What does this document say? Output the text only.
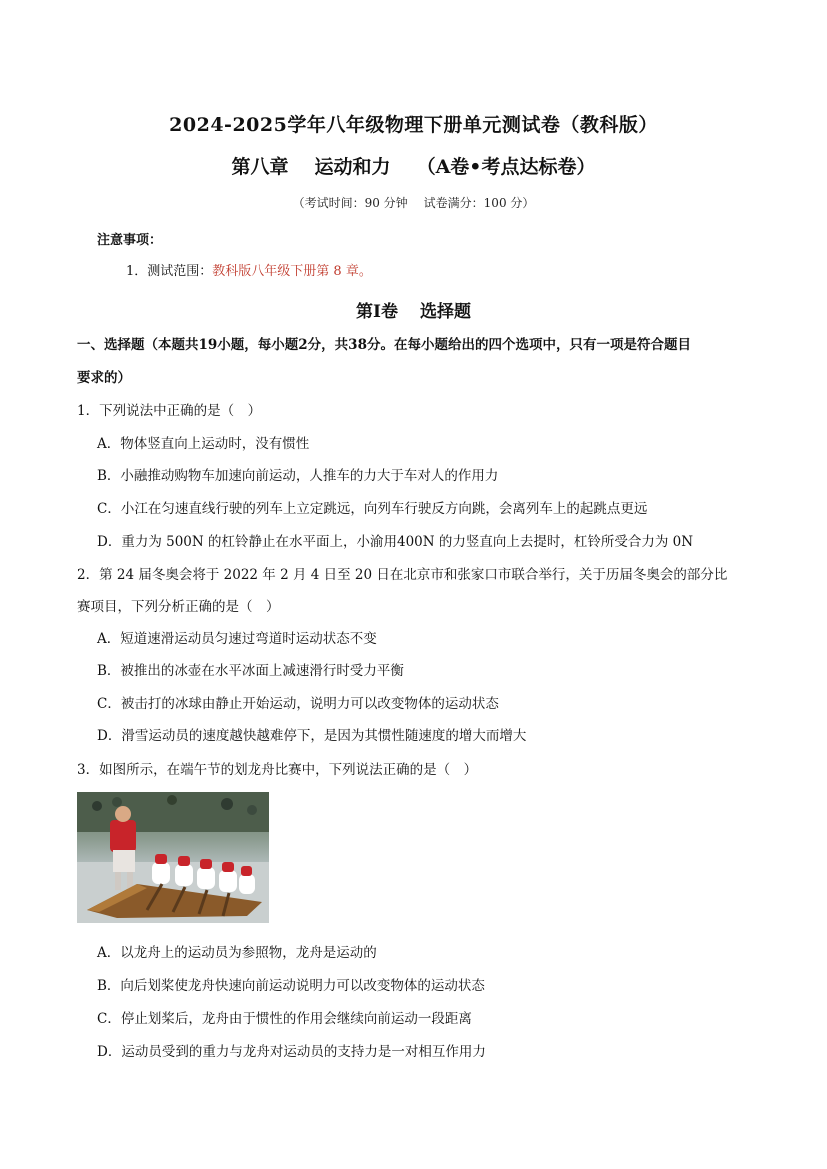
2024-2025学年八年级物理下册单元测试卷（教科版）
第八章 运动和力 （A卷•考点达标卷）
（考试时间：90 分钟 试卷满分：100 分）
注意事项：
1．测试范围：教科版八年级下册第 8 章。
第Ⅰ卷 选择题
一、选择题（本题共19小题，每小题2分，共38分。在每小题给出的四个选项中，只有一项是符合题目
要求的）
1．下列说法中正确的是（　）
A．物体竖直向上运动时，没有惯性
B．小融推动购物车加速向前运动，人推车的力大于车对人的作用力
C．小江在匀速直线行驶的列车上立定跳远，向列车行驶反方向跳，会离列车上的起跳点更远
D．重力为 500N 的杠铃静止在水平面上，小渝用400N 的力竖直向上去提时，杠铃所受合力为 0N
2．第 24 届冬奥会将于 2022 年 2 月 4 日至 20 日在北京市和张家口市联合举行，关于历届冬奥会的部分比
赛项目，下列分析正确的是（　）
A．短道速滑运动员匀速过弯道时运动状态不变
B．被推出的冰壶在水平冰面上减速滑行时受力平衡
C．被击打的冰球由静止开始运动，说明力可以改变物体的运动状态
D．滑雪运动员的速度越快越难停下，是因为其惯性随速度的增大而增大
3．如图所示，在端午节的划龙舟比赛中，下列说法正确的是（　）
A．以龙舟上的运动员为参照物，龙舟是运动的
B．向后划桨使龙舟快速向前运动说明力可以改变物体的运动状态
C．停止划桨后，龙舟由于惯性的作用会继续向前运动一段距离
D．运动员受到的重力与龙舟对运动员的支持力是一对相互作用力
